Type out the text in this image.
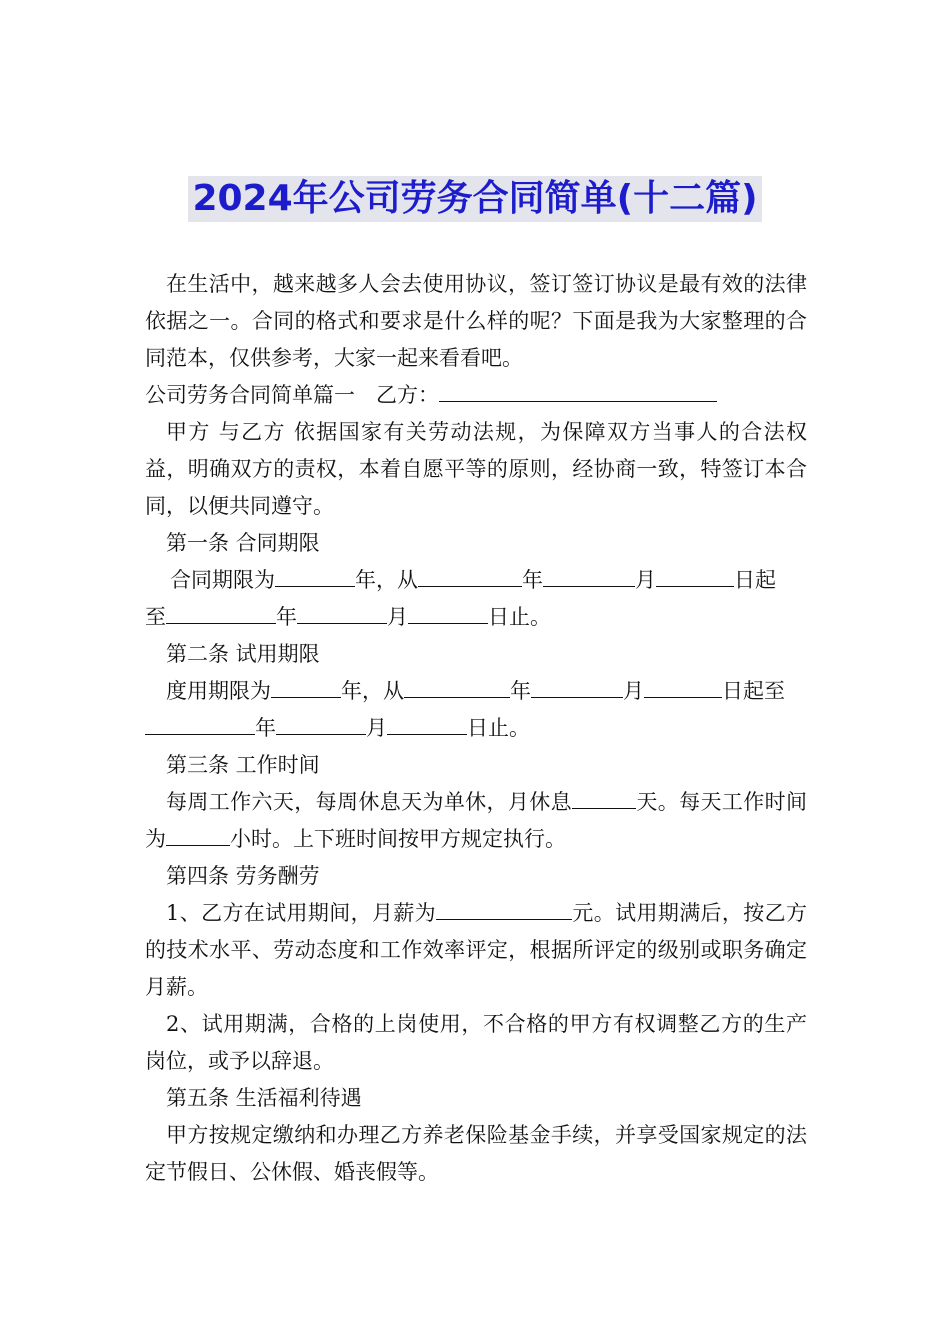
2024年公司劳务合同简单(十二篇)

在生活中，越来越多人会去使用协议，签订签订协议是最有效的法律依据之一。合同的格式和要求是什么样的呢？下面是我为大家整理的合同范本，仅供参考，大家一起来看看吧。

公司劳务合同简单篇一　乙方：

甲方 与乙方 依据国家有关劳动法规，为保障双方当事人的合法权益，明确双方的责权，本着自愿平等的原则，经协商一致，特签订本合同，以便共同遵守。

第一条 合同期限

合同期限为	年，从	年	月	日起
至	年	月	日止。

第二条 试用期限

度用期限为	年，从	年	月	日起至
年	月	日止。

第三条 工作时间

每周工作六天，每周休息天为单休，月休息	天。每天工作时间为	小时。上下班时间按甲方规定执行。

第四条 劳务酬劳

1、乙方在试用期间，月薪为	元。试用期满后，按乙方的技术水平、劳动态度和工作效率评定，根据所评定的级别或职务确定月薪。

2、试用期满，合格的上岗使用，不合格的甲方有权调整乙方的生产岗位，或予以辞退。

第五条 生活福利待遇

甲方按规定缴纳和办理乙方养老保险基金手续，并享受国家规定的法定节假日、公休假、婚丧假等。
